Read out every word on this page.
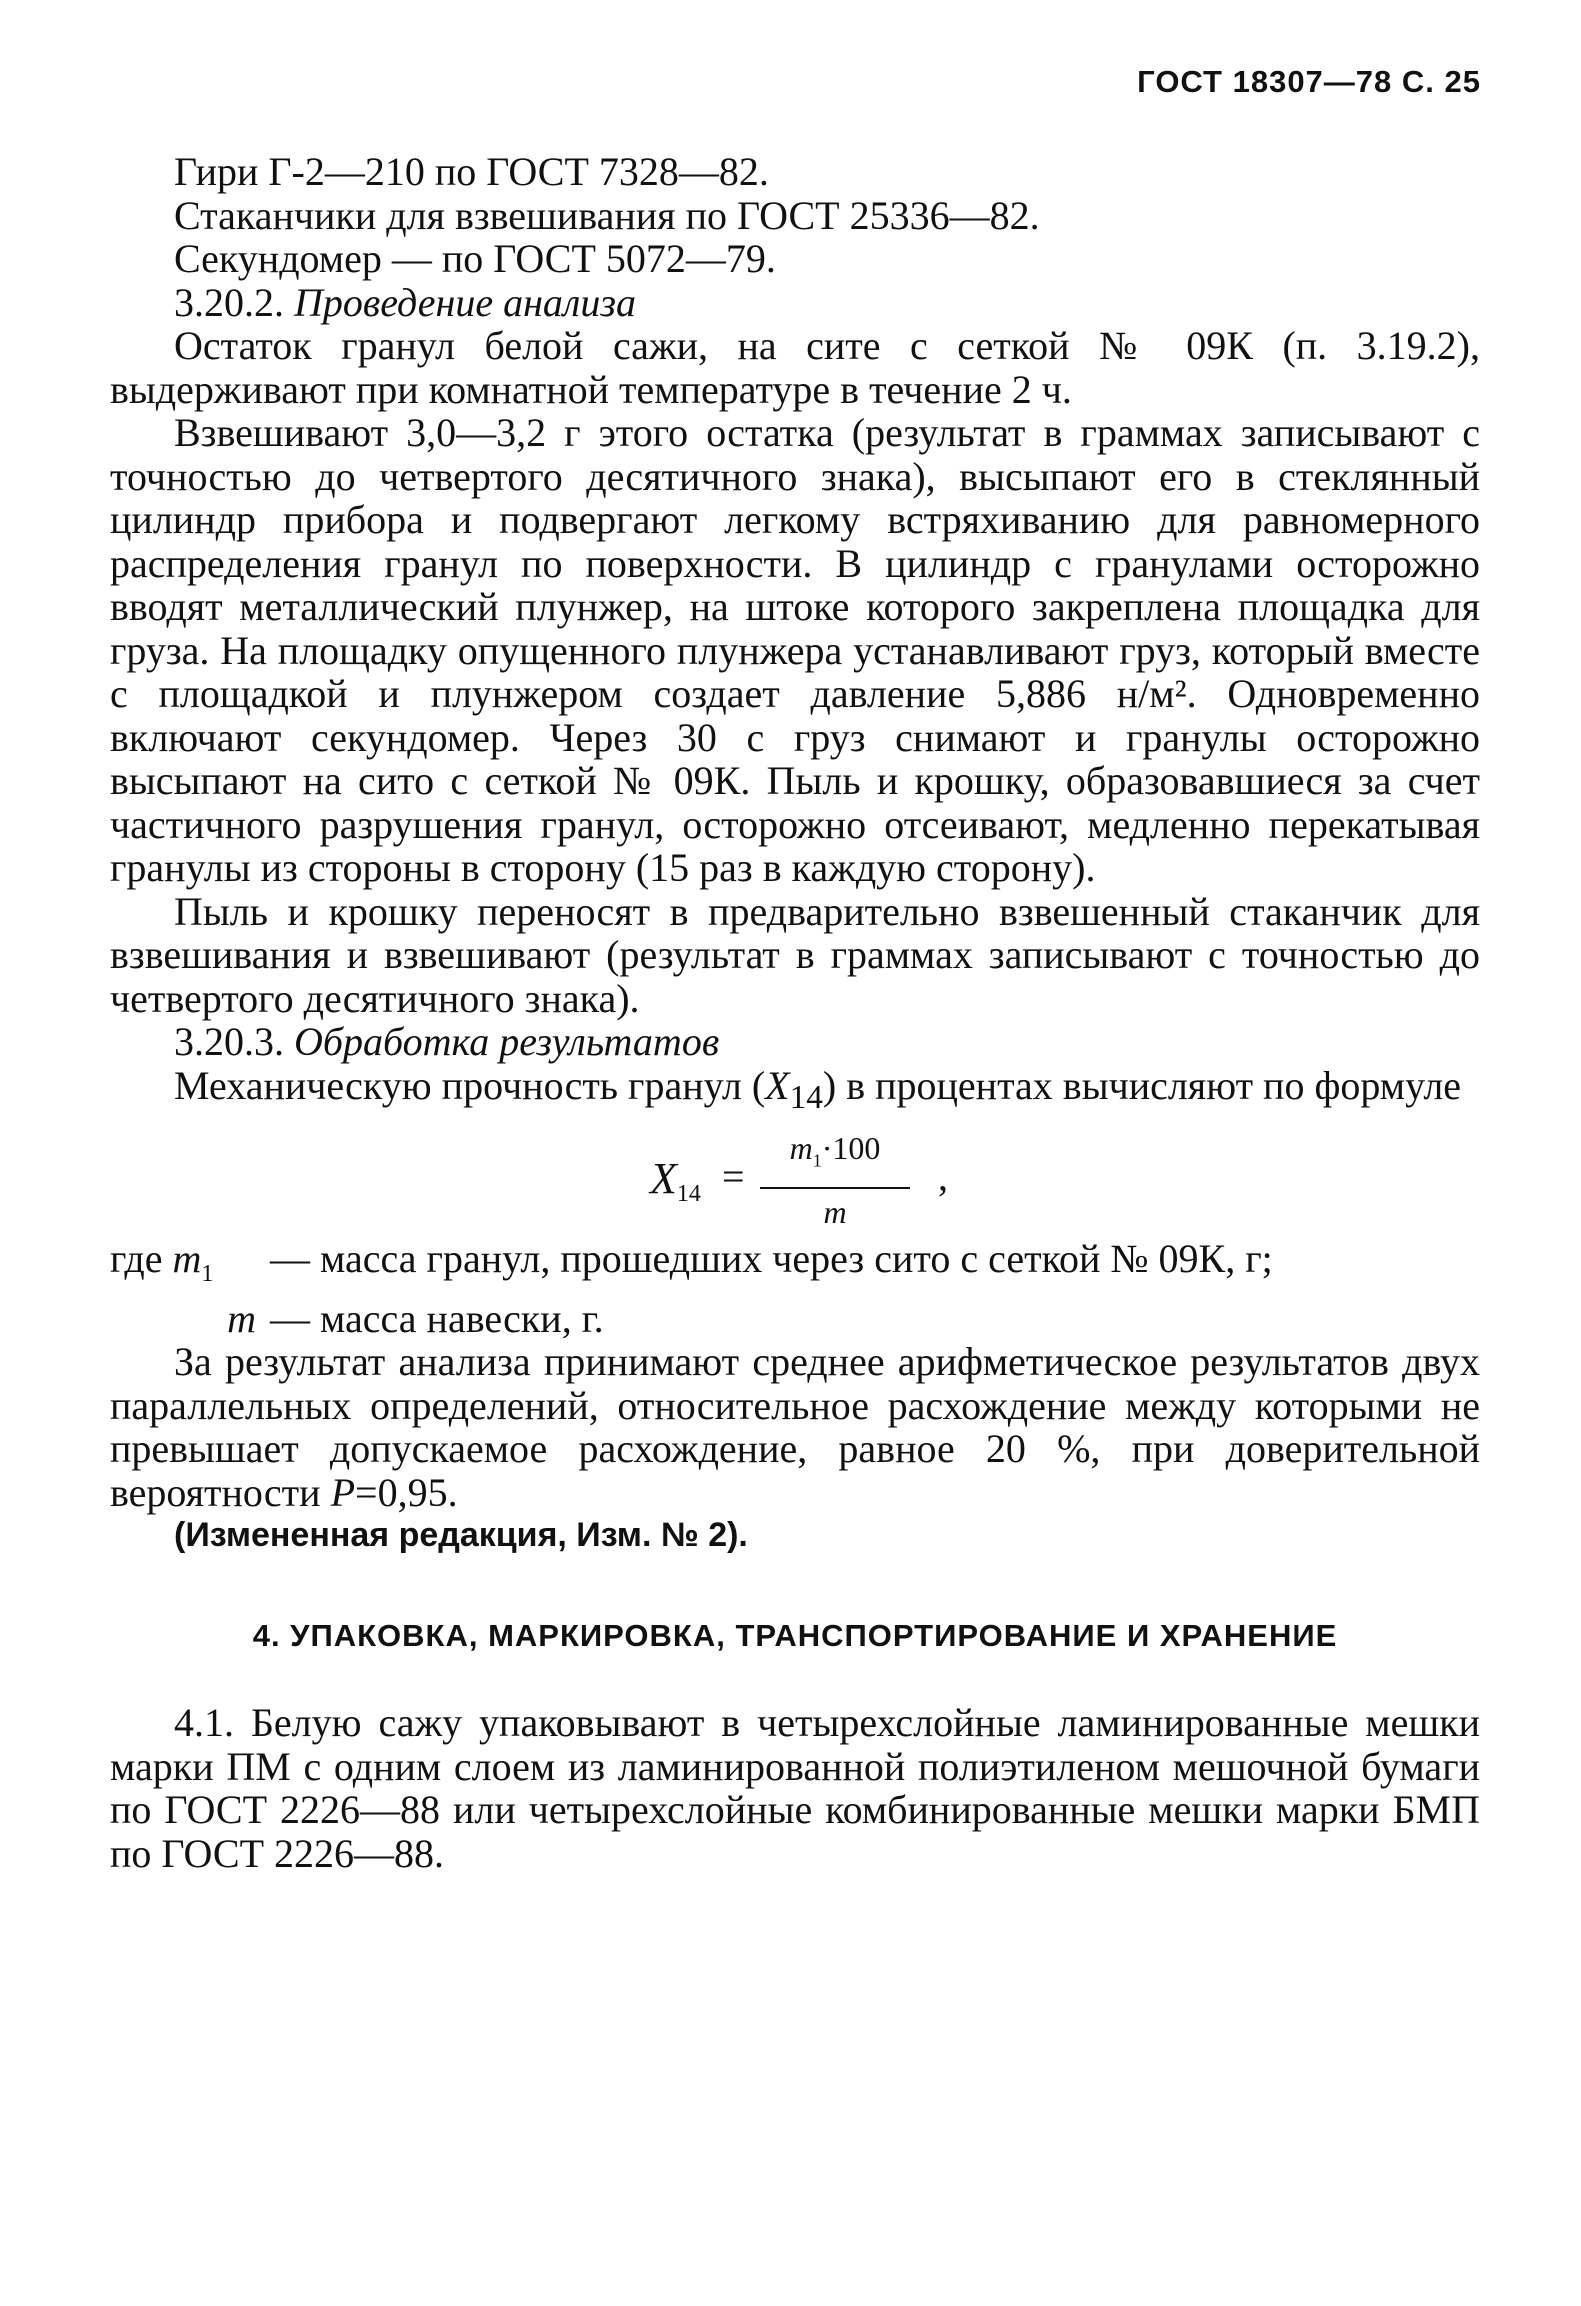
ГОСТ 18307—78 С. 25

Гири Г-2—210 по ГОСТ 7328—82.

Стаканчики для взвешивания по ГОСТ 25336—82.

Секундомер — по ГОСТ 5072—79.

3.20.2. Проведение анализа

Остаток гранул белой сажи, на сите с сеткой № 09К (п. 3.19.2), выдерживают при комнатной температуре в течение 2 ч.

Взвешивают 3,0—3,2 г этого остатка (результат в граммах записывают с точностью до четвертого десятичного знака), высыпают его в стеклянный цилиндр прибора и подвергают легкому встряхиванию для равномерного распределения гранул по поверхности. В цилиндр с гранулами осторожно вводят металлический плунжер, на штоке которого закреплена площадка для груза. На площадку опущенного плунжера устанавливают груз, который вместе с площадкой и плунжером создает давление 5,886 н/м². Одновременно включают секундомер. Через 30 с груз снимают и гранулы осторожно высыпают на сито с сеткой № 09К. Пыль и крошку, образовавшиеся за счет частичного разрушения гранул, осторожно отсеивают, медленно перекатывая гранулы из стороны в сторону (15 раз в каждую сторону).

Пыль и крошку переносят в предварительно взвешенный стаканчик для взвешивания и взвешивают (результат в граммах записывают с точностью до четвертого десятичного знака).

3.20.3. Обработка результатов

Механическую прочность гранул $(X_{14})$ в процентах вычисляют по формуле

$X_{14} = \frac{m_1\cdot 100}{m}$ ,
где $m_1$	— масса гранул, прошедших через сито с сеткой № 09К, г;
m — масса навески, г.

За результат анализа принимают среднее арифметическое результатов двух параллельных определений, относительное расхождение между которыми не превышает допускаемое расхождение, равное 20 %, при доверительной вероятности P=0,95.

(Измененная редакция, Изм. № 2).

4. УПАКОВКА, МАРКИРОВКА, ТРАНСПОРТИРОВАНИЕ И ХРАНЕНИЕ

4.1. Белую сажу упаковывают в четырехслойные ламинированные мешки марки ПМ с одним слоем из ламинированной полиэтиленом мешочной бумаги по ГОСТ 2226—88 или четырехслойные комбинированные мешки марки БМП по ГОСТ 2226—88.
